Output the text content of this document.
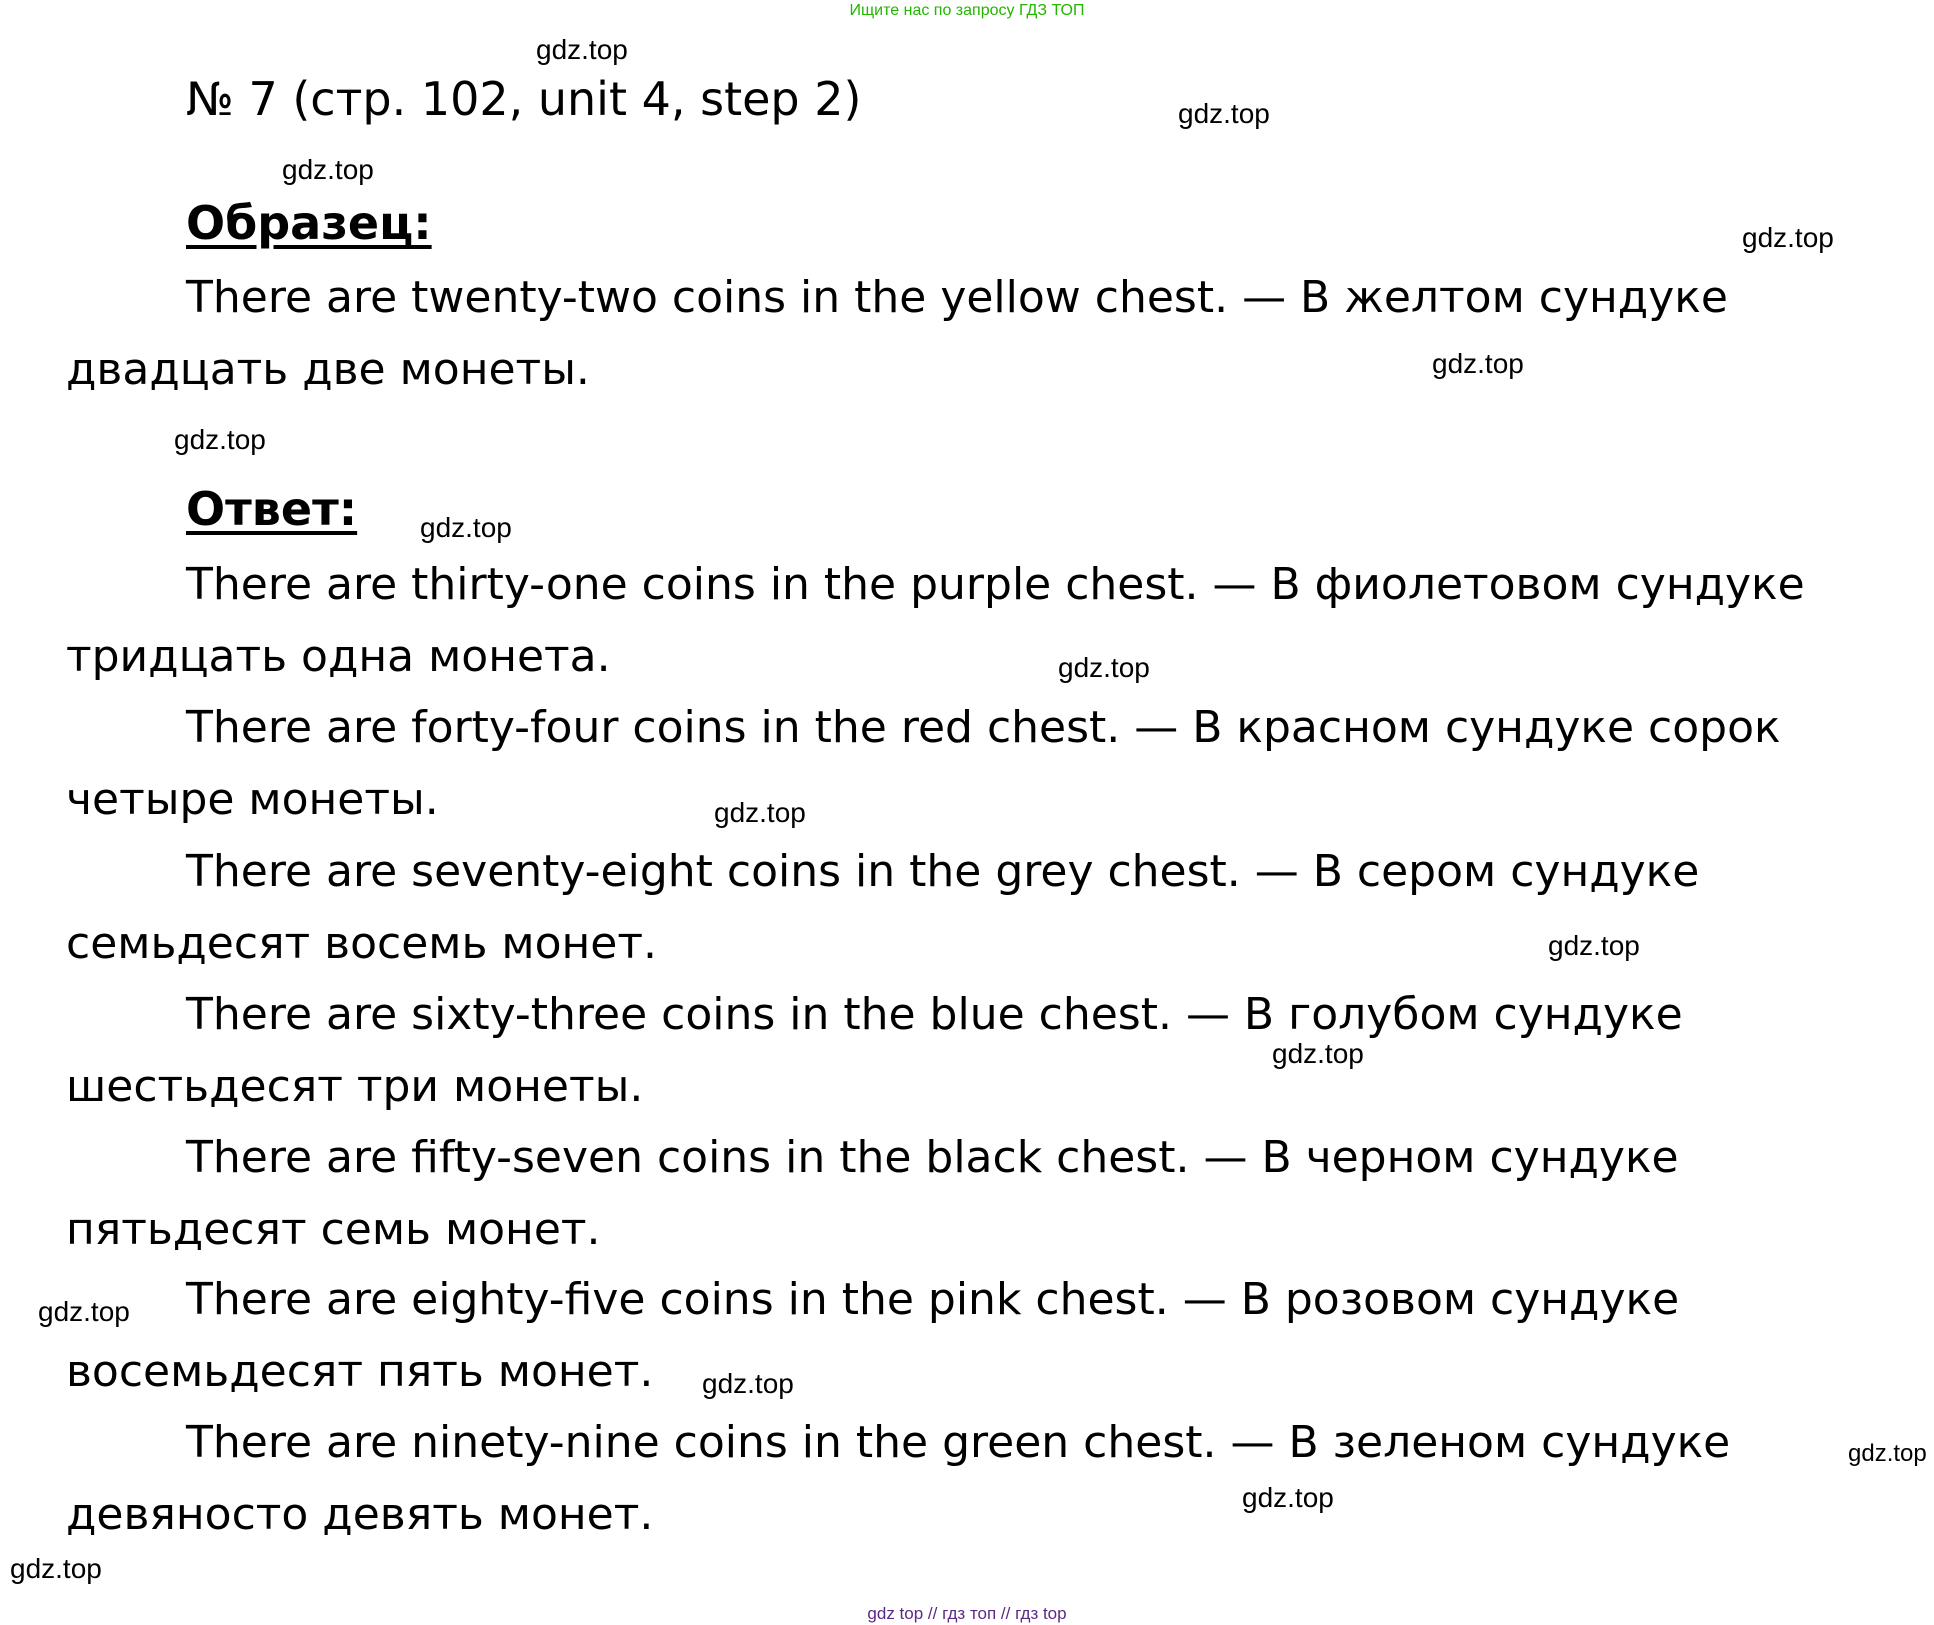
Ищите нас по запросу ГДЗ ТОП
№ 7 (стр. 102, unit 4, step 2)
Образец:

There are twenty-two coins in the yellow chest. — В желтом сундуке двадцать две монеты.

Ответ:

There are thirty-one coins in the purple chest. — В фиолетовом сундуке тридцать одна монета.

There are forty-four coins in the red chest. — В красном сундуке сорок четыре монеты.

There are seventy-eight coins in the grey chest. — В сером сундуке семьдесят восемь монет.

There are sixty-three coins in the blue chest. — В голубом сундуке шестьдесят три монеты.

There are fifty-seven coins in the black chest. — В черном сундуке пятьдесят семь монет.

There are eighty-five coins in the pink chest. — В розовом сундуке восемьдесят пять монет.

There are ninety-nine coins in the green chest. — В зеленом сундуке девяносто девять монет.

gdz.top
gdz.top
gdz.top
gdz.top
gdz.top
gdz.top
gdz.top
gdz.top
gdz.top
gdz.top
gdz.top
gdz.top
gdz.top
gdz.top
gdz.top
gdz.top
gdz top // гдз топ // гдз top
